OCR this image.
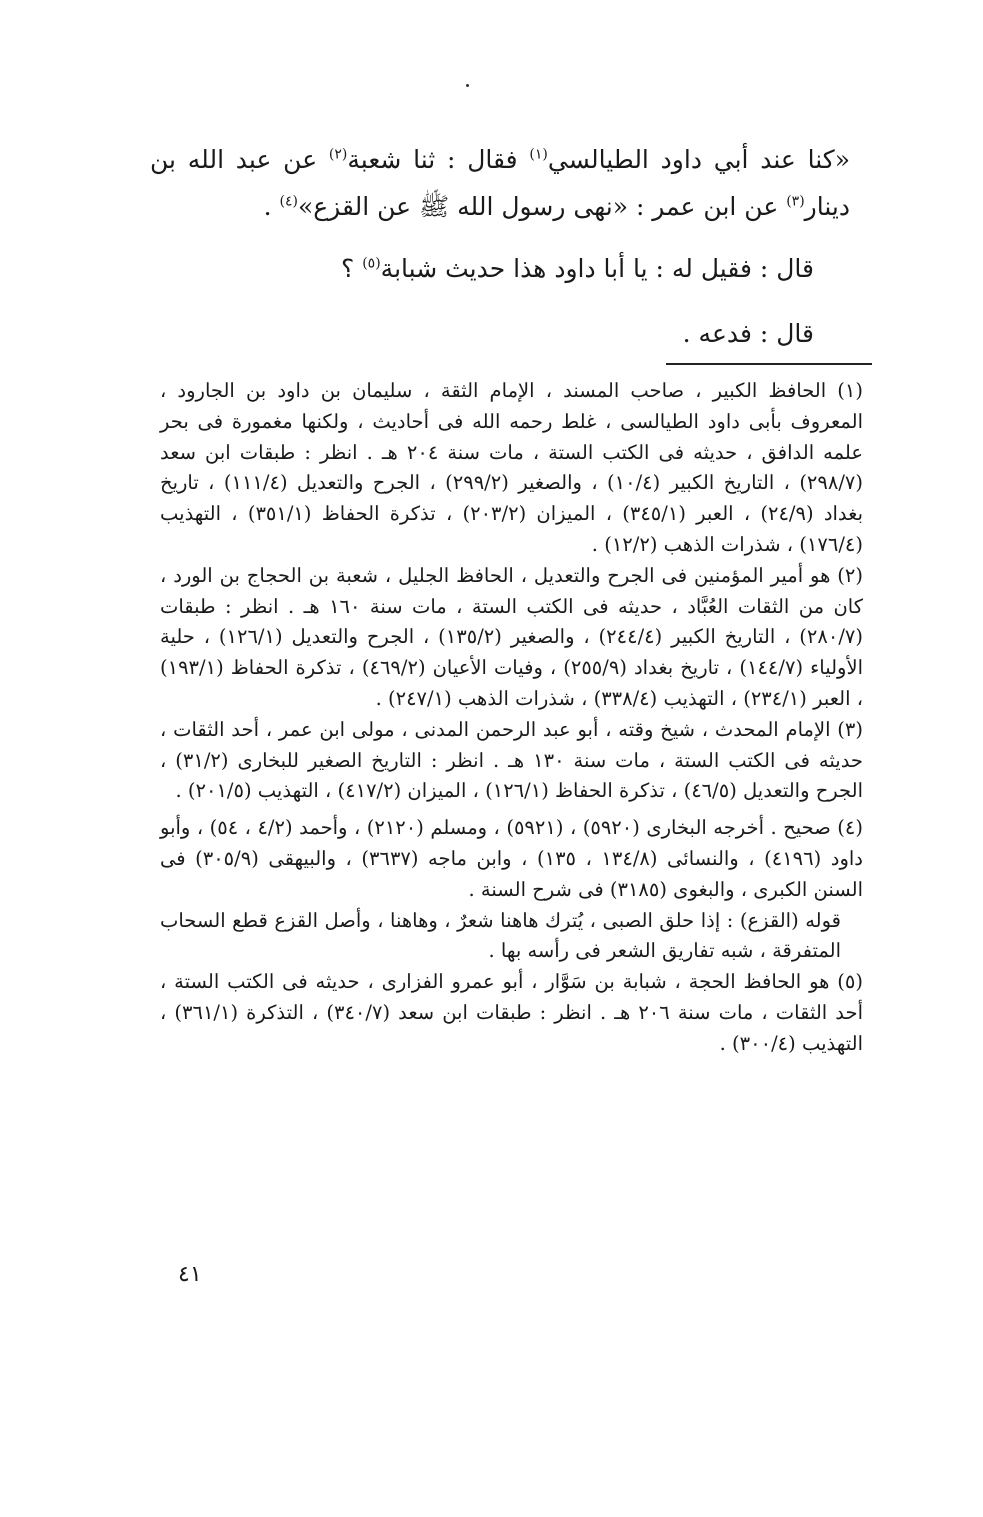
«كنا عند أبي داود الطيالسي$^{(١)}$ فقال : ثنا شعبة$^{(٢)}$ عن عبد الله بن دينار$^{(٣)}$ عن ابن عمر : «نهى رسول الله ﷺ عن القزع»$^{(٤)}$ .

قال : فقيل له : يا أبا داود هذا حديث شبابة$^{(٥)}$ ؟

قال : فدعه .

(١) الحافظ الكبير ، صاحب المسند ، الإمام الثقة ، سليمان بن داود بن الجارود ، المعروف بأبى داود الطيالسى ، غلط رحمه الله فى أحاديث ، ولكنها مغمورة فى بحر علمه الدافق ، حديثه فى الكتب الستة ، مات سنة ٢٠٤ هـ . انظر : طبقات ابن سعد (٢٩٨/٧) ، التاريخ الكبير (١٠/٤) ، والصغير (٢٩٩/٢) ، الجرح والتعديل (١١١/٤) ، تاريخ بغداد (٢٤/٩) ، العبر (٣٤٥/١) ، الميزان (٢٠٣/٢) ، تذكرة الحفاظ (٣٥١/١) ، التهذيب (١٧٦/٤) ، شذرات الذهب (١٢/٢) .

(٢) هو أمير المؤمنين فى الجرح والتعديل ، الحافظ الجليل ، شعبة بن الحجاج بن الورد ، كان من الثقات العُبَّاد ، حديثه فى الكتب الستة ، مات سنة ١٦٠ هـ . انظر : طبقات (٢٨٠/٧) ، التاريخ الكبير (٢٤٤/٤) ، والصغير (١٣٥/٢) ، الجرح والتعديل (١٢٦/١) ، حلية الأولياء (١٤٤/٧) ، تاريخ بغداد (٢٥٥/٩) ، وفيات الأعيان (٤٦٩/٢) ، تذكرة الحفاظ (١٩٣/١) ، العبر (٢٣٤/١) ، التهذيب (٣٣٨/٤) ، شذرات الذهب (٢٤٧/١) .

(٣) الإمام المحدث ، شيخ وقته ، أبو عبد الرحمن المدنى ، مولى ابن عمر ، أحد الثقات ، حديثه فى الكتب الستة ، مات سنة ١٣٠ هـ . انظر : التاريخ الصغير للبخارى (٣١/٢) ، الجرح والتعديل (٤٦/٥) ، تذكرة الحفاظ (١٢٦/١) ، الميزان (٤١٧/٢) ، التهذيب (٢٠١/٥) .

(٤) صحيح . أخرجه البخارى (٥٩٢٠) ، (٥٩٢١) ، ومسلم (٢١٢٠) ، وأحمد (٤/٢ ، ٥٤) ، وأبو داود (٤١٩٦) ، والنسائى (١٣٤/٨ ، ١٣٥) ، وابن ماجه (٣٦٣٧) ، والبيهقى (٣٠٥/٩) فى السنن الكبرى ، والبغوى (٣١٨٥) فى شرح السنة .

قوله (القزع) : إذا حلق الصبى ، يُترك هاهنا شعرٌ ، وهاهنا ، وأصل القزع قطع السحاب المتفرقة ، شبه تفاريق الشعر فى رأسه بها .

(٥) هو الحافظ الحجة ، شبابة بن سَوَّار ، أبو عمرو الفزارى ، حديثه فى الكتب الستة ، أحد الثقات ، مات سنة ٢٠٦ هـ . انظر : طبقات ابن سعد (٣٤٠/٧) ، التذكرة (٣٦١/١) ، التهذيب (٣٠٠/٤) .

٤١
